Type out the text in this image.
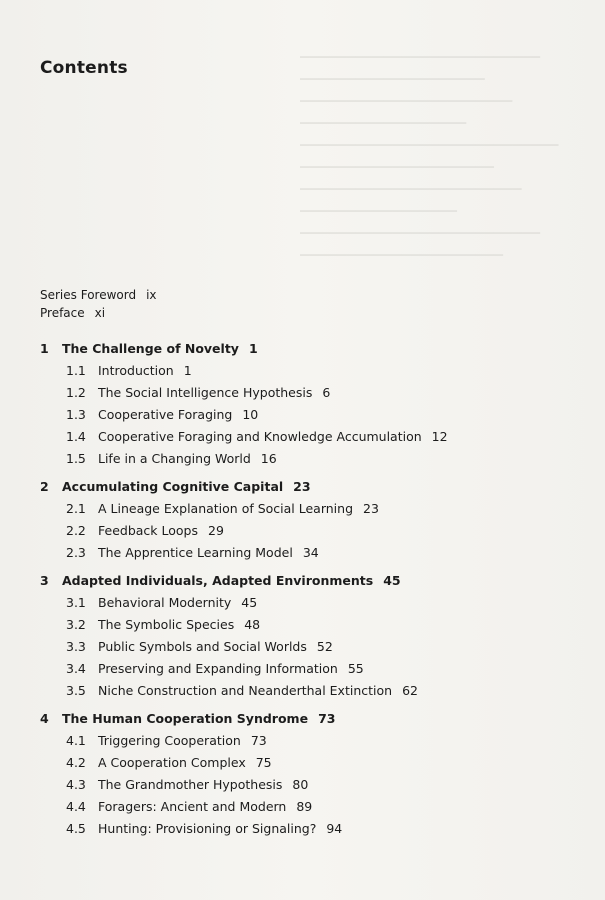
▁▁▁▁▁▁▁▁▁▁▁▁▁▁▁▁▁▁▁▁▁▁▁▁▁▁
▁▁▁▁▁▁▁▁▁▁▁▁▁▁▁▁▁▁▁▁
▁▁▁▁▁▁▁▁▁▁▁▁▁▁▁▁▁▁▁▁▁▁▁
▁▁▁▁▁▁▁▁▁▁▁▁▁▁▁▁▁▁
▁▁▁▁▁▁▁▁▁▁▁▁▁▁▁▁▁▁▁▁▁▁▁▁▁▁▁▁
▁▁▁▁▁▁▁▁▁▁▁▁▁▁▁▁▁▁▁▁▁
▁▁▁▁▁▁▁▁▁▁▁▁▁▁▁▁▁▁▁▁▁▁▁▁
▁▁▁▁▁▁▁▁▁▁▁▁▁▁▁▁▁
▁▁▁▁▁▁▁▁▁▁▁▁▁▁▁▁▁▁▁▁▁▁▁▁▁▁
▁▁▁▁▁▁▁▁▁▁▁▁▁▁▁▁▁▁▁▁▁▁
Contents
Series Foreword ix
Preface xi
1 The Challenge of Novelty 1
1.1 Introduction 1
1.2 The Social Intelligence Hypothesis 6
1.3 Cooperative Foraging 10
1.4 Cooperative Foraging and Knowledge Accumulation 12
1.5 Life in a Changing World 16
2 Accumulating Cognitive Capital 23
2.1 A Lineage Explanation of Social Learning 23
2.2 Feedback Loops 29
2.3 The Apprentice Learning Model 34
3 Adapted Individuals, Adapted Environments 45
3.1 Behavioral Modernity 45
3.2 The Symbolic Species 48
3.3 Public Symbols and Social Worlds 52
3.4 Preserving and Expanding Information 55
3.5 Niche Construction and Neanderthal Extinction 62
4 The Human Cooperation Syndrome 73
4.1 Triggering Cooperation 73
4.2 A Cooperation Complex 75
4.3 The Grandmother Hypothesis 80
4.4 Foragers: Ancient and Modern 89
4.5 Hunting: Provisioning or Signaling? 94
